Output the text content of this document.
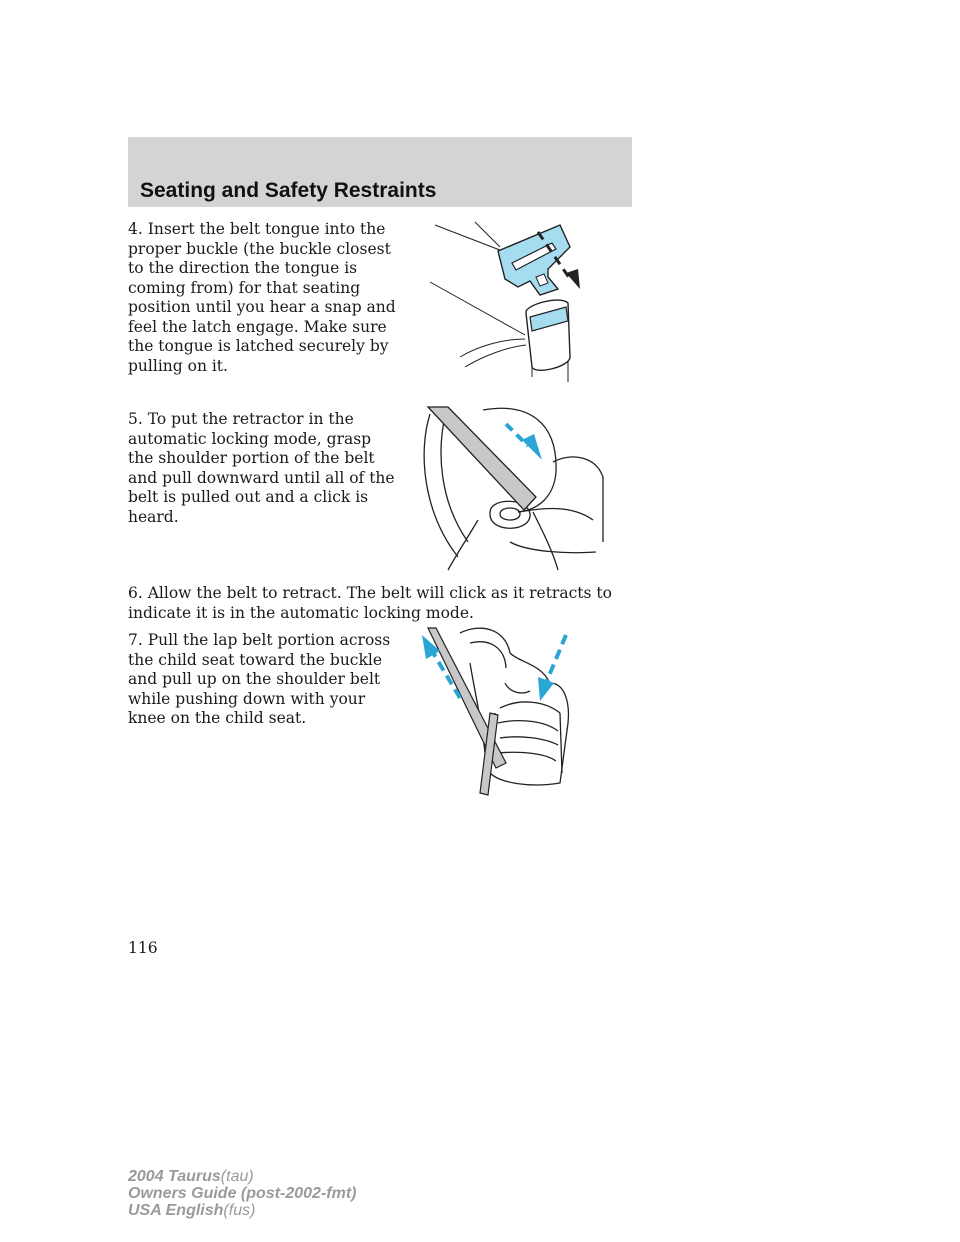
Seating and Safety Restraints

4. Insert the belt tongue into the proper buckle (the buckle closest to the direction the tongue is coming from) for that seating position until you hear a snap and feel the latch engage. Make sure the tongue is latched securely by pulling on it.

5. To put the retractor in the automatic locking mode, grasp the shoulder portion of the belt and pull downward until all of the belt is pulled out and a click is heard.

6. Allow the belt to retract. The belt will click as it retracts to indicate it is in the automatic locking mode.

7. Pull the lap belt portion across the child seat toward the buckle and pull up on the shoulder belt while pushing down with your knee on the child seat.

116
2004 Taurus(tau)
Owners Guide (post-2002-fmt)
USA English(fus)
